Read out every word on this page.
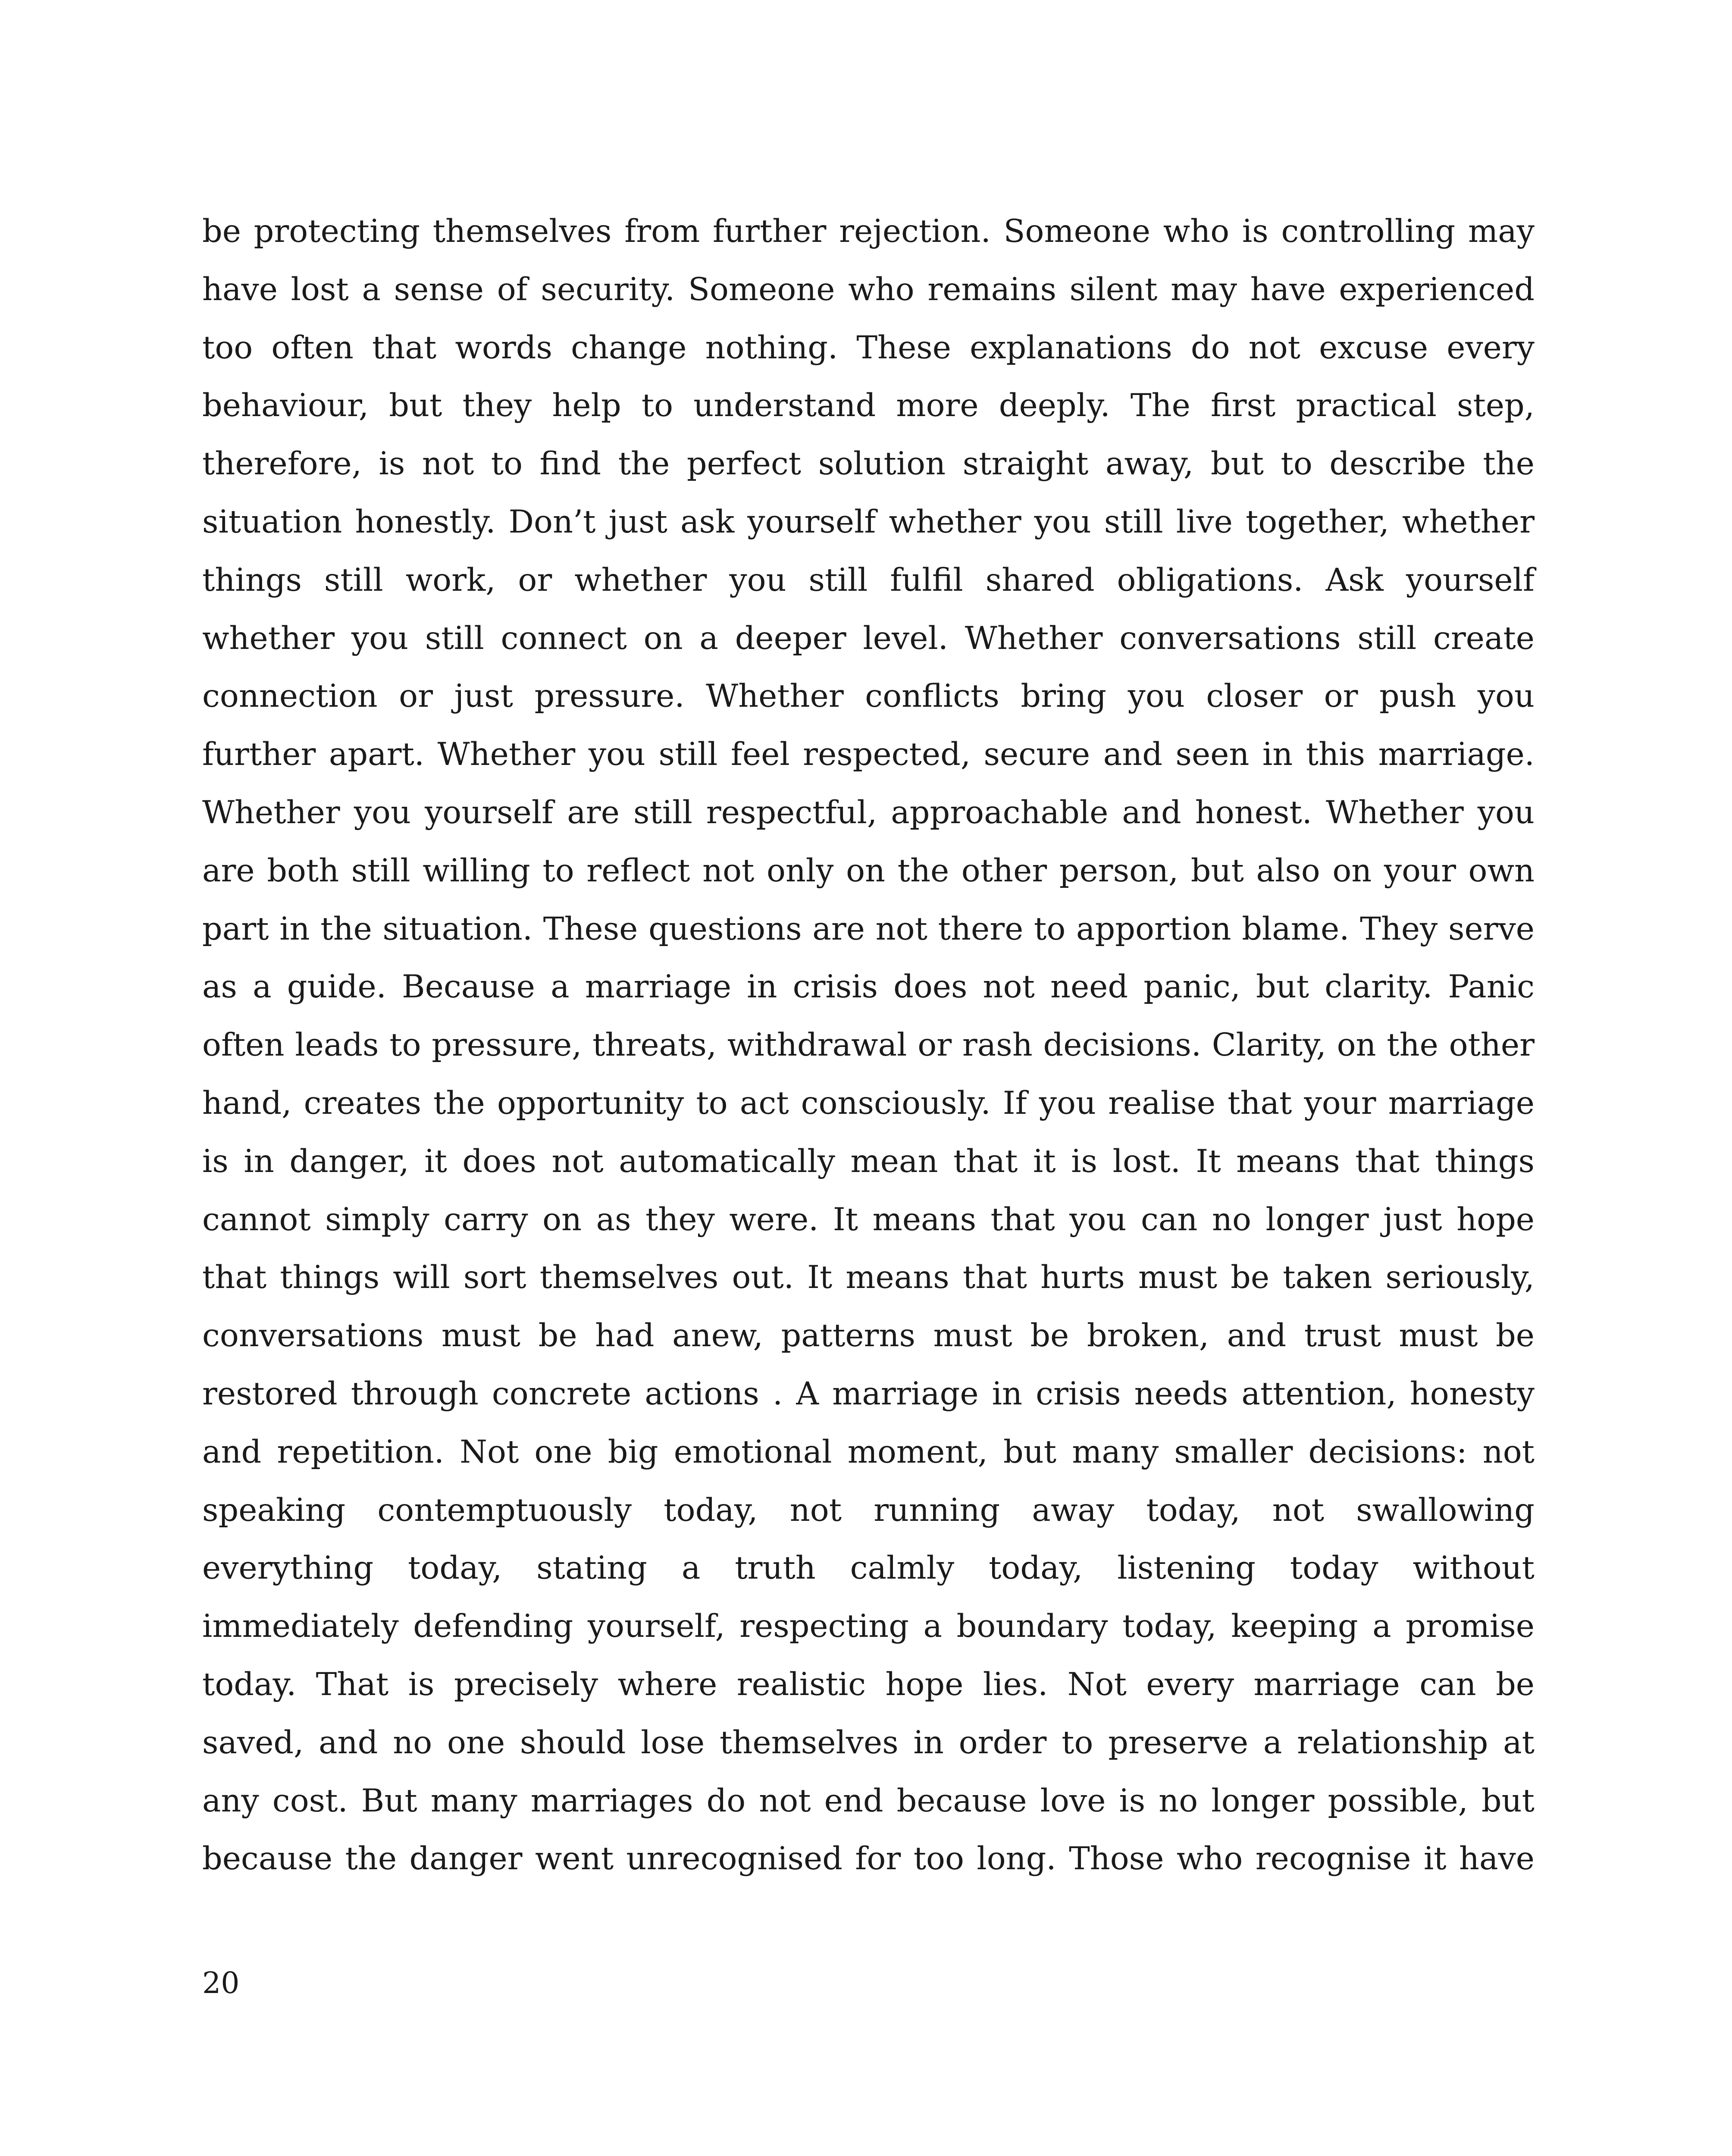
be protecting themselves from further rejection. Someone who is controlling may
have lost a sense of security. Someone who remains silent may have experienced
too often that words change nothing. These explanations do not excuse every
behaviour, but they help to understand more deeply. The first practical step,
therefore, is not to find the perfect solution straight away, but to describe the
situation honestly. Don’t just ask yourself whether you still live together, whether
things still work, or whether you still fulfil shared obligations. Ask yourself
whether you still connect on a deeper level. Whether conversations still create
connection or just pressure. Whether conflicts bring you closer or push you
further apart. Whether you still feel respected, secure and seen in this marriage.
Whether you yourself are still respectful, approachable and honest. Whether you
are both still willing to reflect not only on the other person, but also on your own
part in the situation. These questions are not there to apportion blame. They serve
as a guide. Because a marriage in crisis does not need panic, but clarity. Panic
often leads to pressure, threats, withdrawal or rash decisions. Clarity, on the other
hand, creates the opportunity to act consciously. If you realise that your marriage
is in danger, it does not automatically mean that it is lost. It means that things
cannot simply carry on as they were. It means that you can no longer just hope
that things will sort themselves out. It means that hurts must be taken seriously,
conversations must be had anew, patterns must be broken, and trust must be
restored through concrete actions . A marriage in crisis needs attention, honesty
and repetition. Not one big emotional moment, but many smaller decisions: not
speaking contemptuously today, not running away today, not swallowing
everything today, stating a truth calmly today, listening today without
immediately defending yourself, respecting a boundary today, keeping a promise
today. That is precisely where realistic hope lies. Not every marriage can be
saved, and no one should lose themselves in order to preserve a relationship at
any cost. But many marriages do not end because love is no longer possible, but
because the danger went unrecognised for too long. Those who recognise it have
20
